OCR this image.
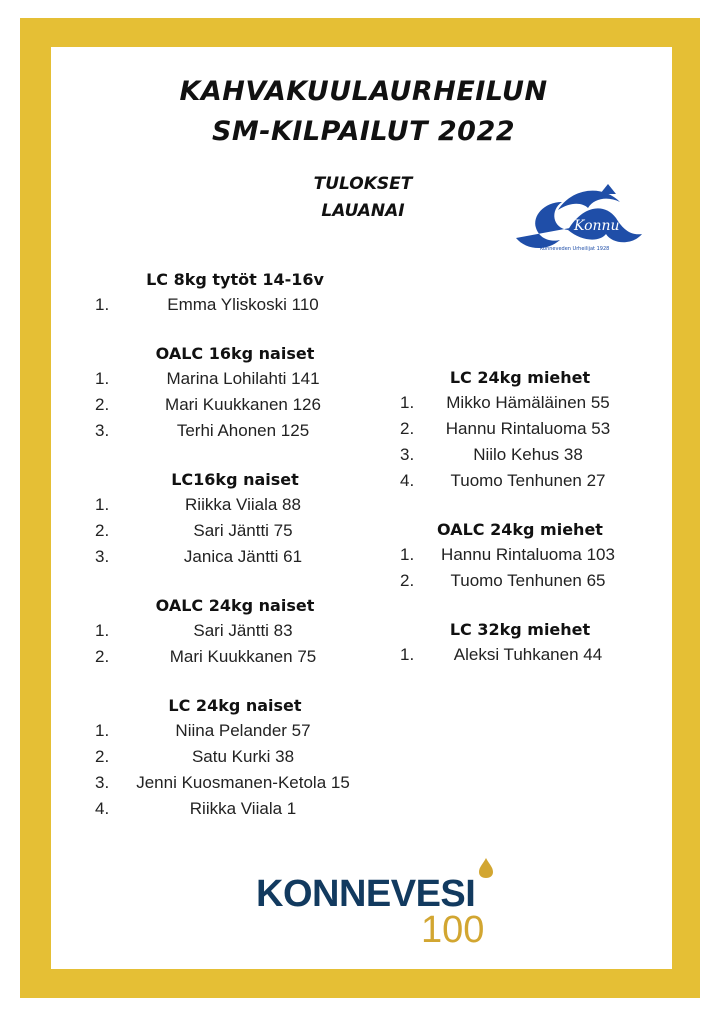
KAHVAKUULAURHEILUN
SM-KILPAILUT 2022
TULOKSET
LAUANAI
Konnu
Konneveden Urheilijat 1928
LC 8kg tytöt 14-16v
1.	Emma Yliskoski 110
OALC 16kg naiset
1.	Marina Lohilahti 141
2.	Mari Kuukkanen 126
3.	Terhi Ahonen 125
LC16kg naiset
1.	Riikka Viiala 88
2.	Sari Jäntti 75
3.	Janica Jäntti 61
OALC 24kg naiset
1.	Sari Jäntti 83
2.	Mari Kuukkanen 75
LC 24kg naiset
1.	Niina Pelander 57
2.	Satu Kurki 38
3.	Jenni Kuosmanen-Ketola 15
4.	Riikka Viiala 1
LC 24kg miehet
1.	Mikko Hämäläinen 55
2.	Hannu Rintaluoma 53
3.	Niilo Kehus 38
4.	Tuomo Tenhunen 27
OALC 24kg miehet
1.	Hannu Rintaluoma 103
2.	Tuomo Tenhunen 65
LC 32kg miehet
1.	Aleksi Tuhkanen 44
KONNEVESI
100
